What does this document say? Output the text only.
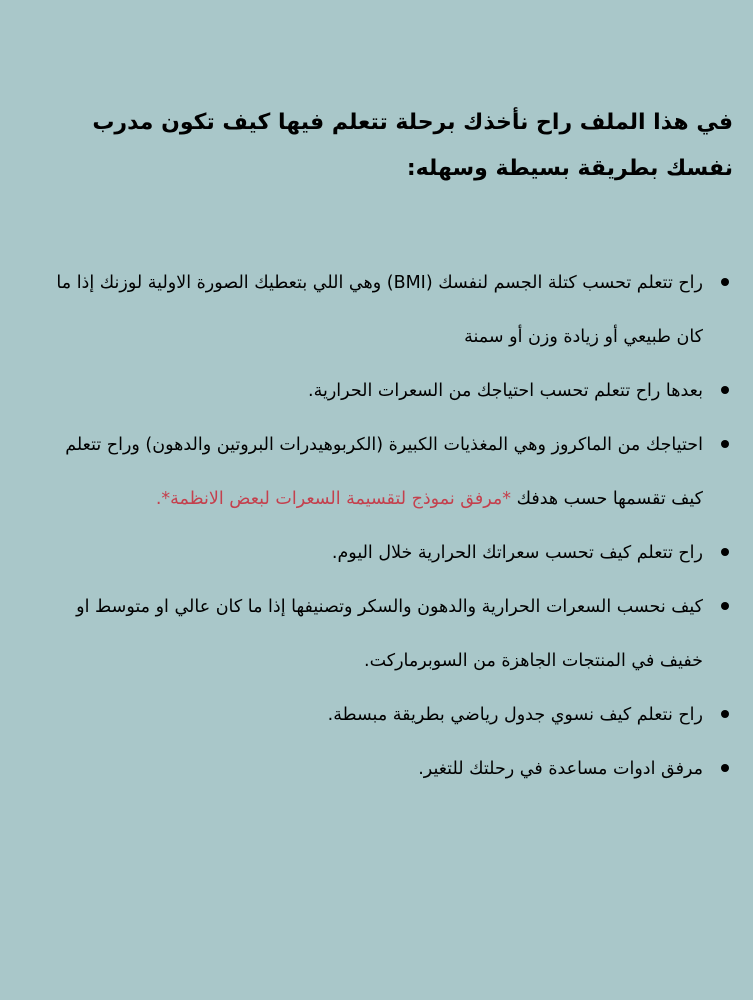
في هذا الملف راح نأخذك برحلة تتعلم فيها كيف تكون مدرب نفسك بطريقة بسيطة وسهله:
راح تتعلم تحسب كتلة الجسم لنفسك (BMI) وهي اللي بتعطيك الصورة الاولية لوزنك إذا ما كان طبيعي أو زيادة وزن أو سمنة
بعدها راح تتعلم تحسب احتياجك من السعرات الحرارية.
احتياجك من الماكروز وهي المغذيات الكبيرة (الكربوهيدرات البروتين والدهون) وراح تتعلم كيف تقسمها حسب هدفك *مرفق نموذج لتقسيمة السعرات لبعض الانظمة*.
راح تتعلم كيف تحسب سعراتك الحرارية خلال اليوم.
كيف نحسب السعرات الحرارية والدهون والسكر وتصنيفها إذا ما كان عالي او متوسط او خفيف في المنتجات الجاهزة من السوبرماركت.
راح نتعلم كيف نسوي جدول رياضي بطريقة مبسطة.
مرفق ادوات مساعدة في رحلتك للتغير.
